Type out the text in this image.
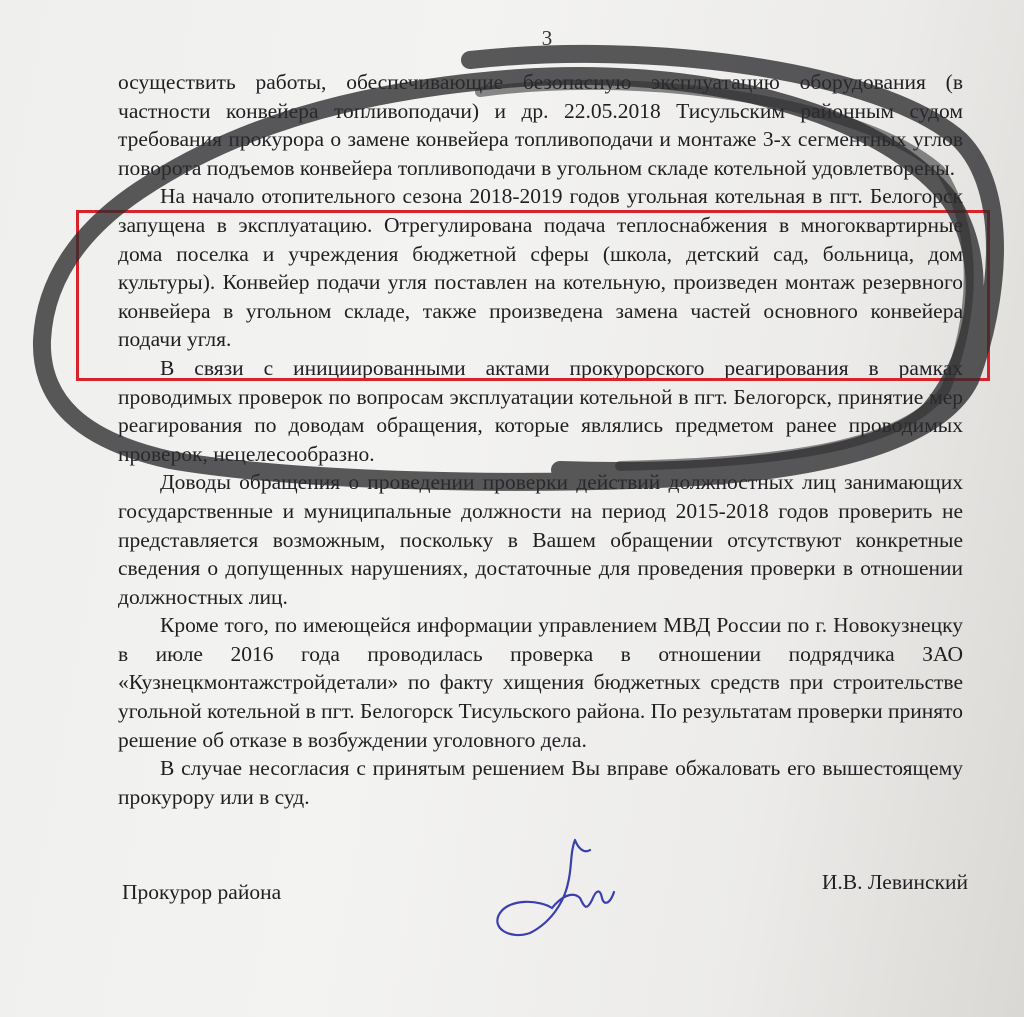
3

осуществить работы, обеспечивающие безопасную эксплуатацию оборудования (в частности конвейера топливоподачи) и др. 22.05.2018 Тисульским районным судом требования прокурора о замене конвейера топливоподачи и монтаже 3-х сегментных углов поворота подъемов конвейера топливоподачи в угольном складе котельной удовлетворены.

На начало отопительного сезона 2018-2019 годов угольная котельная в пгт. Белогорск запущена в эксплуатацию. Отрегулирована подача теплоснабжения в многоквартирные дома поселка и учреждения бюджетной сферы (школа, детский сад, больница, дом культуры). Конвейер подачи угля поставлен на котельную, произведен монтаж резервного конвейера в угольном складе, также произведена замена частей основного конвейера подачи угля.

В связи с инициированными актами прокурорского реагирования в рамках проводимых проверок по вопросам эксплуатации котельной в пгт. Белогорск, принятие мер реагирования по доводам обращения, которые являлись предметом ранее проводимых проверок, нецелесообразно.

Доводы обращения о проведении проверки действий должностных лиц занимающих государственные и муниципальные должности на период 2015-2018 годов проверить не представляется возможным, поскольку в Вашем обращении отсутствуют конкретные сведения о допущенных нарушениях, достаточные для проведения проверки в отношении должностных лиц.

Кроме того, по имеющейся информации управлением МВД России по г. Новокузнецку в июле 2016 года проводилась проверка в отношении подрядчика ЗАО «Кузнецкмонтажстройдетали» по факту хищения бюджетных средств при строительстве угольной котельной в пгт. Белогорск Тисульского района. По результатам проверки принято решение об отказе в возбуждении уголовного дела.

В случае несогласия с принятым решением Вы вправе обжаловать его вышестоящему прокурору или в суд.

Прокурор района	И.В. Левинский
